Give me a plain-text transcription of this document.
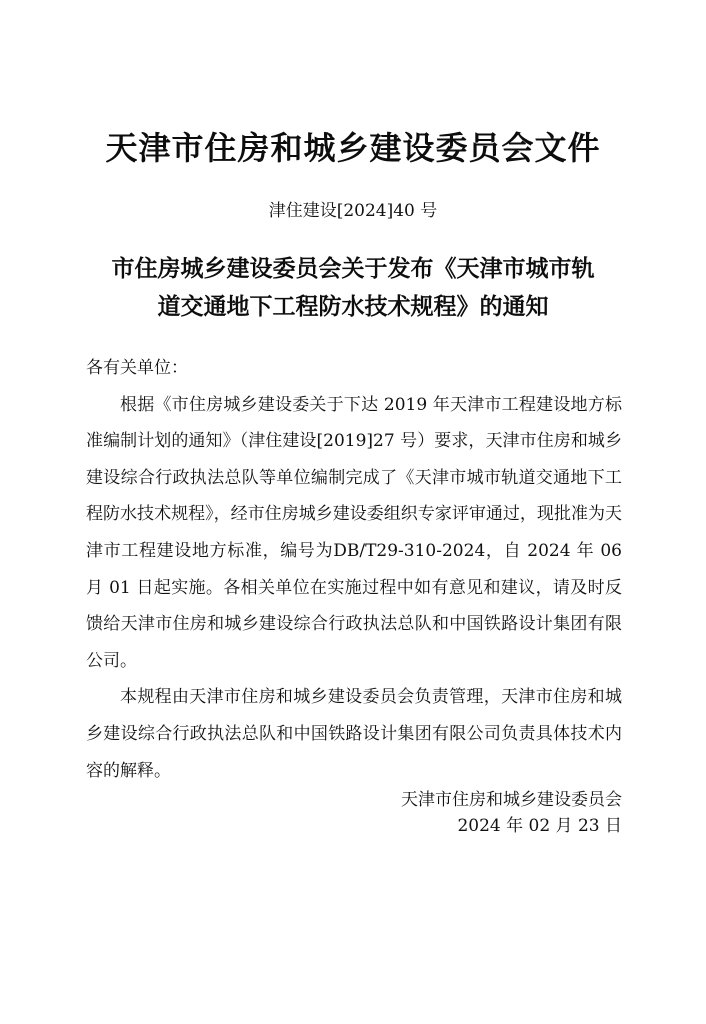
天津市住房和城乡建设委员会文件
津住建设[2024]40 号
市住房城乡建设委员会关于发布《天津市城市轨
道交通地下工程防水技术规程》的通知

各有关单位：

根据《市住房城乡建设委关于下达 2019 年天津市工程建设地方标准编制计划的通知》（津住建设[2019]27 号）要求，天津市住房和城乡建设综合行政执法总队等单位编制完成了《天津市城市轨道交通地下工程防水技术规程》，经市住房城乡建设委组织专家评审通过，现批准为天津市工程建设地方标准，编号为DB/T29-310-2024，自 2024 年 06 月 01 日起实施。各相关单位在实施过程中如有意见和建议，请及时反馈给天津市住房和城乡建设综合行政执法总队和中国铁路设计集团有限公司。

本规程由天津市住房和城乡建设委员会负责管理，天津市住房和城乡建设综合行政执法总队和中国铁路设计集团有限公司负责具体技术内容的解释。

天津市住房和城乡建设委员会
2024 年 02 月 23 日
